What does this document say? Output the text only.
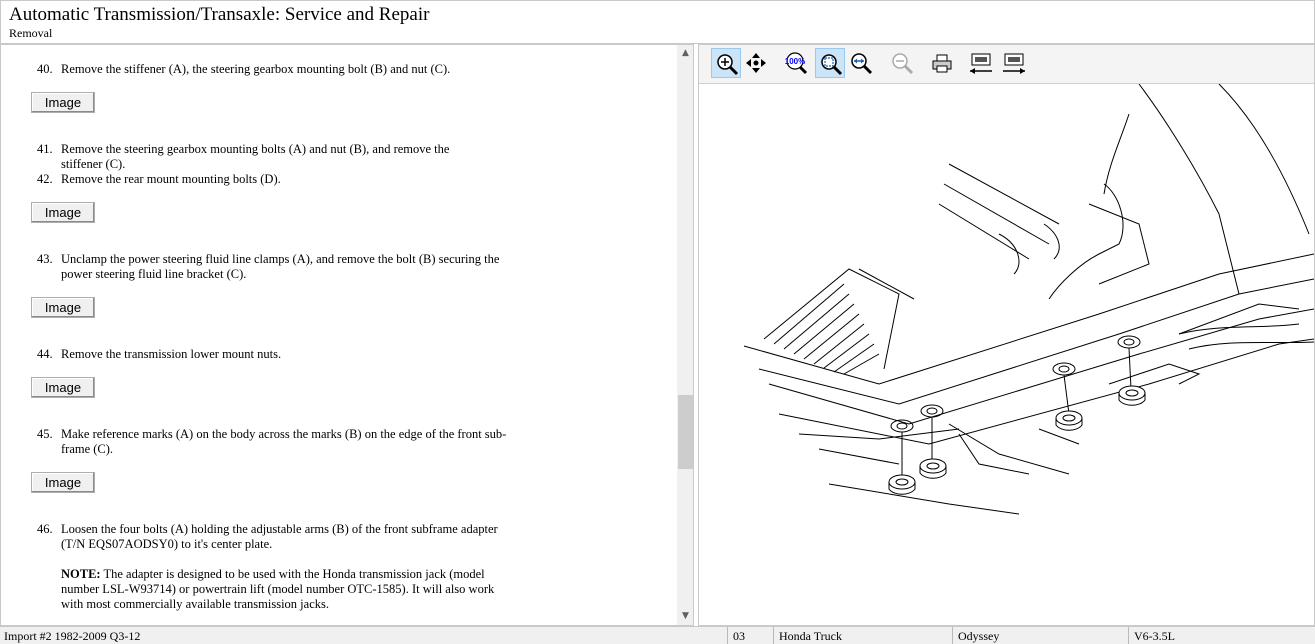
Automatic Transmission/Transaxle: Service and Repair
Removal
40. Remove the stiffener (A), the steering gearbox mounting bolt (B) and nut (C).
Image
41. Remove the steering gearbox mounting bolts (A) and nut (B), and remove the stiffener (C).
42. Remove the rear mount mounting bolts (D).
Image
43. Unclamp the power steering fluid line clamps (A), and remove the bolt (B) securing the power steering fluid line bracket (C).
Image
44. Remove the transmission lower mount nuts.
Image
45. Make reference marks (A) on the body across the marks (B) on the edge of the front sub-frame (C).
Image
46. Loosen the four bolts (A) holding the adjustable arms (B) of the front subframe adapter (T/N EQS07AODSY0) to it's center plate.
NOTE: The adapter is designed to be used with the Honda transmission jack (model number LSL-W93714) or powertrain lift (model number OTC-1585). It will also work with most commercially available transmission jacks.
▲
▼
100%
Import #2 1982-2009 Q3-12	03	Honda Truck	Odyssey	V6-3.5L
